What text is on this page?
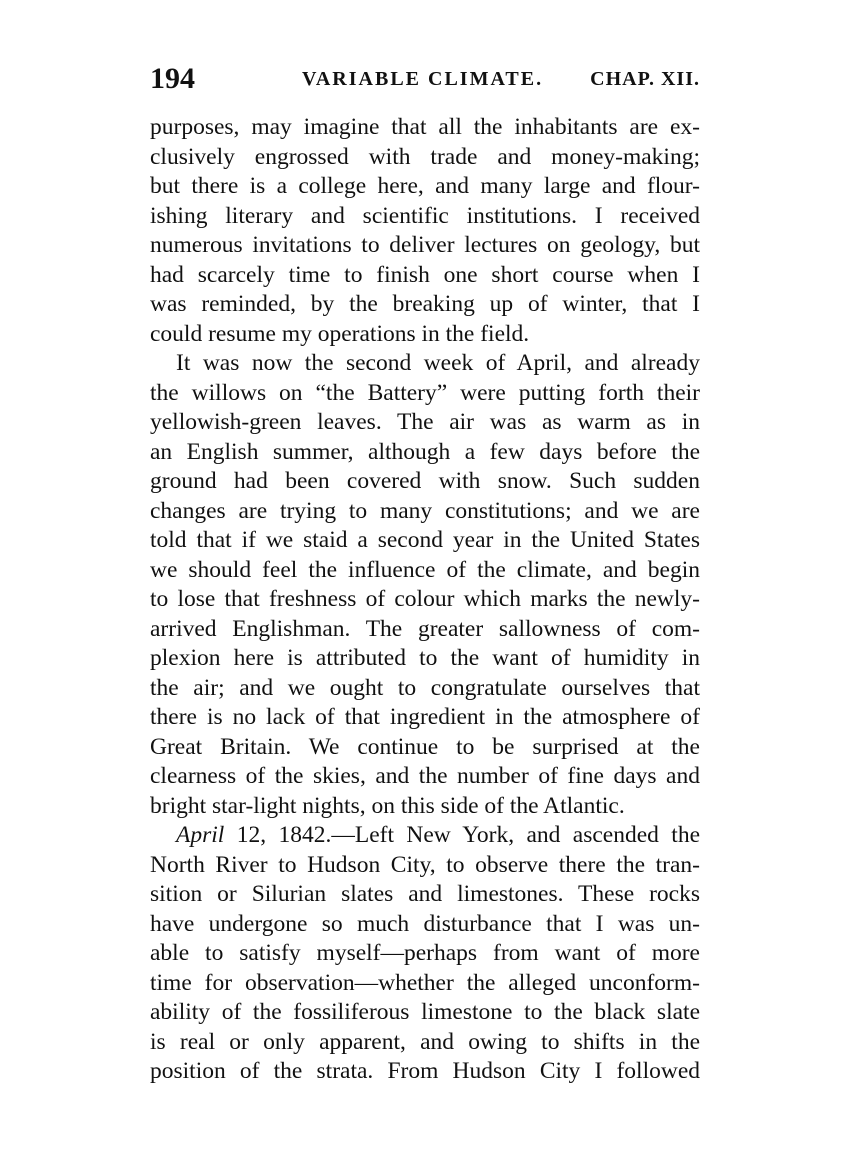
194	VARIABLE CLIMATE. CHAP. XII.
purposes, may imagine that all the inhabitants are ex-
clusively engrossed with trade and money-making;
but there is a college here, and many large and flour-
ishing literary and scientific institutions. I received
numerous invitations to deliver lectures on geology, but
had scarcely time to finish one short course when I
was reminded, by the breaking up of winter, that I
could resume my operations in the field.
It was now the second week of April, and already
the willows on “the Battery” were putting forth their
yellowish-green leaves. The air was as warm as in
an English summer, although a few days before the
ground had been covered with snow. Such sudden
changes are trying to many constitutions; and we are
told that if we staid a second year in the United States
we should feel the influence of the climate, and begin
to lose that freshness of colour which marks the newly-
arrived Englishman. The greater sallowness of com-
plexion here is attributed to the want of humidity in
the air; and we ought to congratulate ourselves that
there is no lack of that ingredient in the atmosphere of
Great Britain. We continue to be surprised at the
clearness of the skies, and the number of fine days and
bright star-light nights, on this side of the Atlantic.
April 12, 1842.—Left New York, and ascended the
North River to Hudson City, to observe there the tran-
sition or Silurian slates and limestones. These rocks
have undergone so much disturbance that I was un-
able to satisfy myself—perhaps from want of more
time for observation—whether the alleged unconform-
ability of the fossiliferous limestone to the black slate
is real or only apparent, and owing to shifts in the
position of the strata. From Hudson City I followed
